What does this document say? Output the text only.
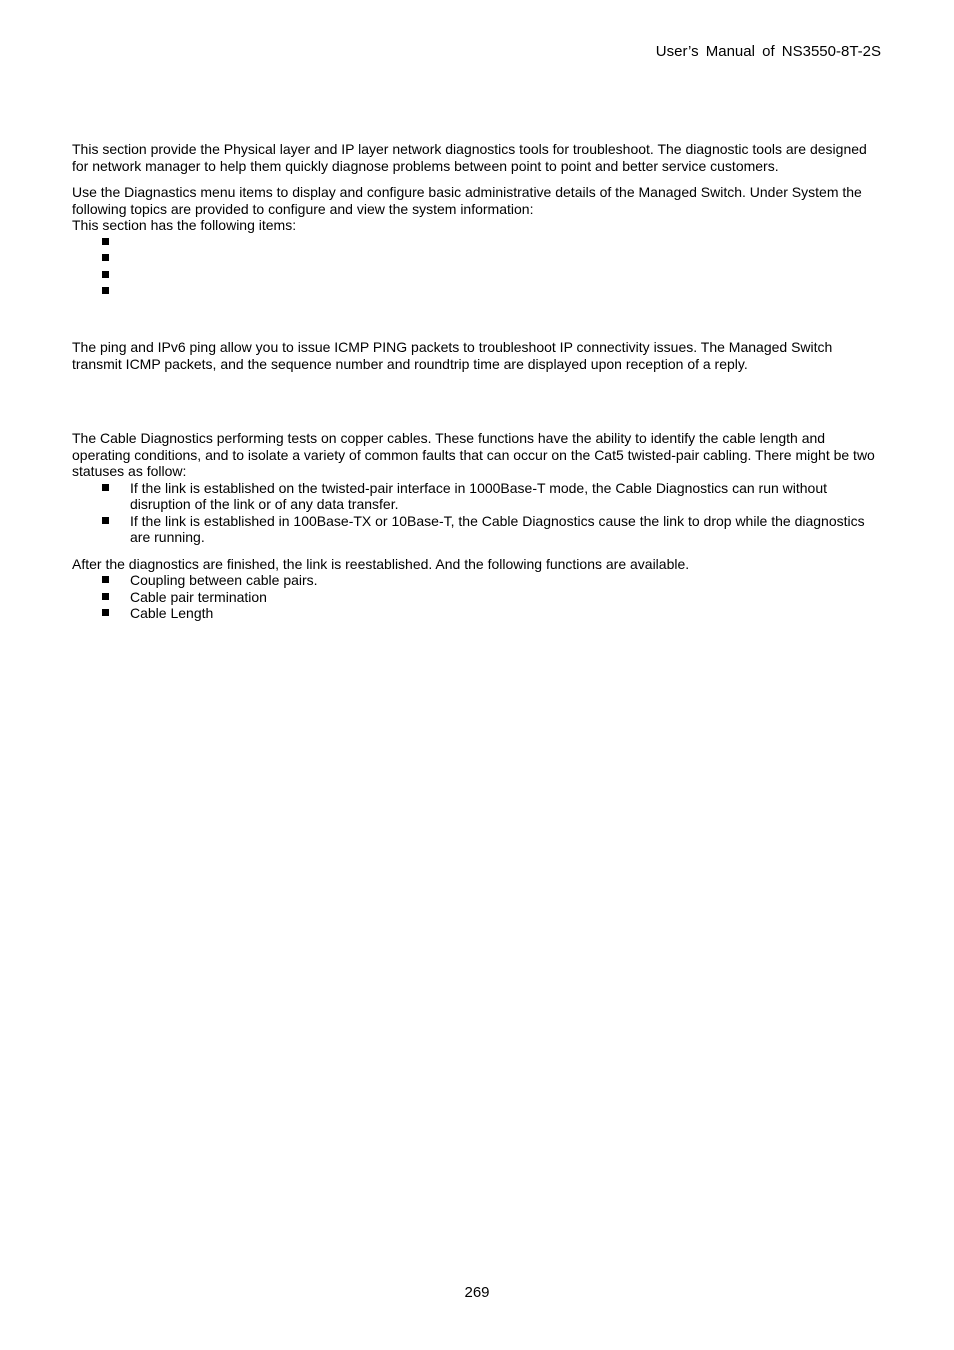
User’s Manual of NS3550-8T-2S

This section provide the Physical layer and IP layer network diagnostics tools for troubleshoot. The diagnostic tools are designed for network manager to help them quickly diagnose problems between point to point and better service customers.

Use the Diagnastics menu items to display and configure basic administrative details of the Managed Switch. Under System the following topics are provided to configure and view the system information:

This section has the following items:

The ping and IPv6 ping allow you to issue ICMP PING packets to troubleshoot IP connectivity issues. The Managed Switch transmit ICMP packets, and the sequence number and roundtrip time are displayed upon reception of a reply.

The Cable Diagnostics performing tests on copper cables. These functions have the ability to identify the cable length and operating conditions, and to isolate a variety of common faults that can occur on the Cat5 twisted-pair cabling. There might be two statuses as follow:

If the link is established on the twisted-pair interface in 1000Base-T mode, the Cable Diagnostics can run without disruption of the link or of any data transfer.
If the link is established in 100Base-TX or 10Base-T, the Cable Diagnostics cause the link to drop while the diagnostics are running.

After the diagnostics are finished, the link is reestablished. And the following functions are available.

Coupling between cable pairs.
Cable pair termination
Cable Length
269
